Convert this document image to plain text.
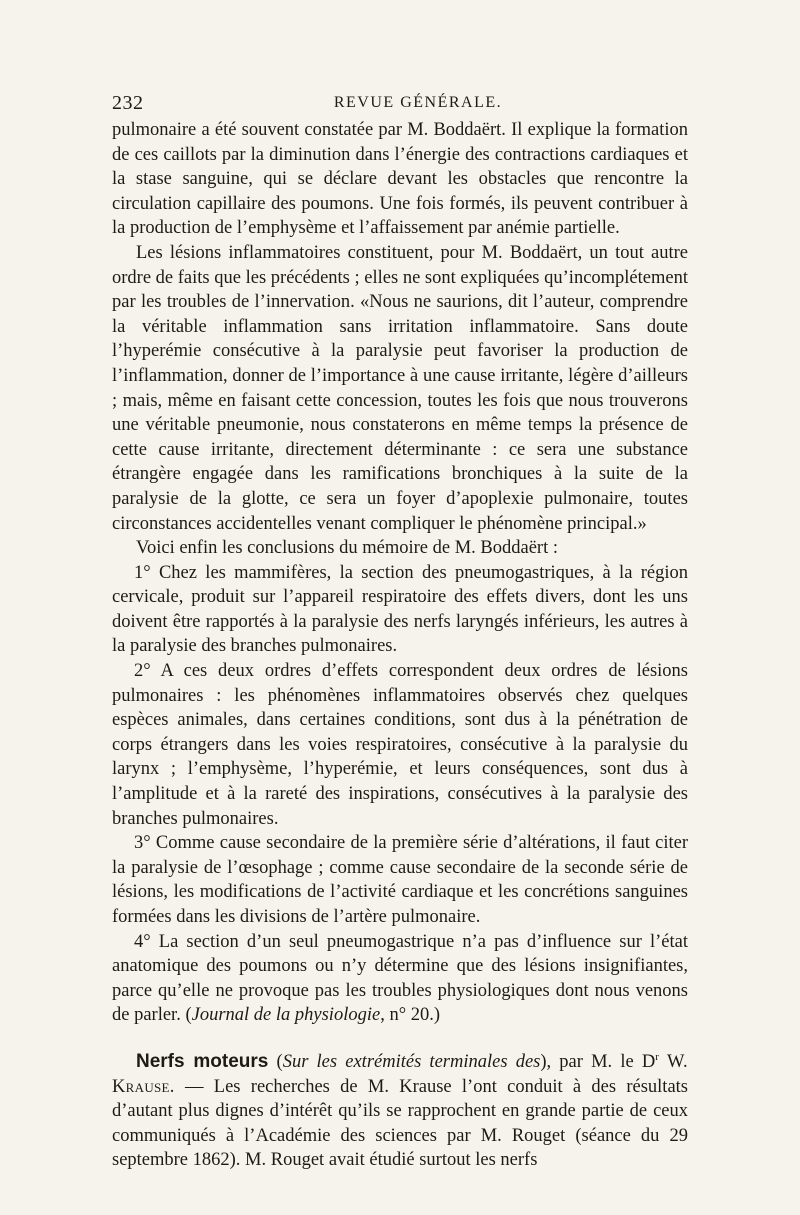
232	REVUE GÉNÉRALE.

pulmonaire a été souvent constatée par M. Boddaërt. Il explique la formation de ces caillots par la diminution dans l’énergie des contractions cardiaques et la stase sanguine, qui se déclare devant les obstacles que rencontre la circulation capillaire des poumons. Une fois formés, ils peuvent contribuer à la production de l’emphysème et l’affaissement par anémie partielle.

Les lésions inflammatoires constituent, pour M. Boddaërt, un tout autre ordre de faits que les précédents ; elles ne sont expliquées qu’incomplétement par les troubles de l’innervation. «Nous ne saurions, dit l’auteur, comprendre la véritable inflammation sans irritation inflammatoire. Sans doute l’hyperémie consécutive à la paralysie peut favoriser la production de l’inflammation, donner de l’importance à une cause irritante, légère d’ailleurs ; mais, même en faisant cette concession, toutes les fois que nous trouverons une véritable pneumonie, nous constaterons en même temps la présence de cette cause irritante, directement déterminante : ce sera une substance étrangère engagée dans les ramifications bronchiques à la suite de la paralysie de la glotte, ce sera un foyer d’apoplexie pulmonaire, toutes circonstances accidentelles venant compliquer le phénomène principal.»

Voici enfin les conclusions du mémoire de M. Boddaërt :

1° Chez les mammifères, la section des pneumogastriques, à la région cervicale, produit sur l’appareil respiratoire des effets divers, dont les uns doivent être rapportés à la paralysie des nerfs laryngés inférieurs, les autres à la paralysie des branches pulmonaires.

2° A ces deux ordres d’effets correspondent deux ordres de lésions pulmonaires : les phénomènes inflammatoires observés chez quelques espèces animales, dans certaines conditions, sont dus à la pénétration de corps étrangers dans les voies respiratoires, consécutive à la paralysie du larynx ; l’emphysème, l’hyperémie, et leurs conséquences, sont dus à l’amplitude et à la rareté des inspirations, consécutives à la paralysie des branches pulmonaires.

3° Comme cause secondaire de la première série d’altérations, il faut citer la paralysie de l’œsophage ; comme cause secondaire de la seconde série de lésions, les modifications de l’activité cardiaque et les concrétions sanguines formées dans les divisions de l’artère pulmonaire.

4° La section d’un seul pneumogastrique n’a pas d’influence sur l’état anatomique des poumons ou n’y détermine que des lésions insignifiantes, parce qu’elle ne provoque pas les troubles physiologiques dont nous venons de parler. (Journal de la physiologie, n° 20.)

Nerfs moteurs (Sur les extrémités terminales des), par M. le $D^r$ W. Krause. — Les recherches de M. Krause l’ont conduit à des résultats d’autant plus dignes d’intérêt qu’ils se rapprochent en grande partie de ceux communiqués à l’Académie des sciences par M. Rouget (séance du 29 septembre 1862). M. Rouget avait étudié surtout les nerfs
